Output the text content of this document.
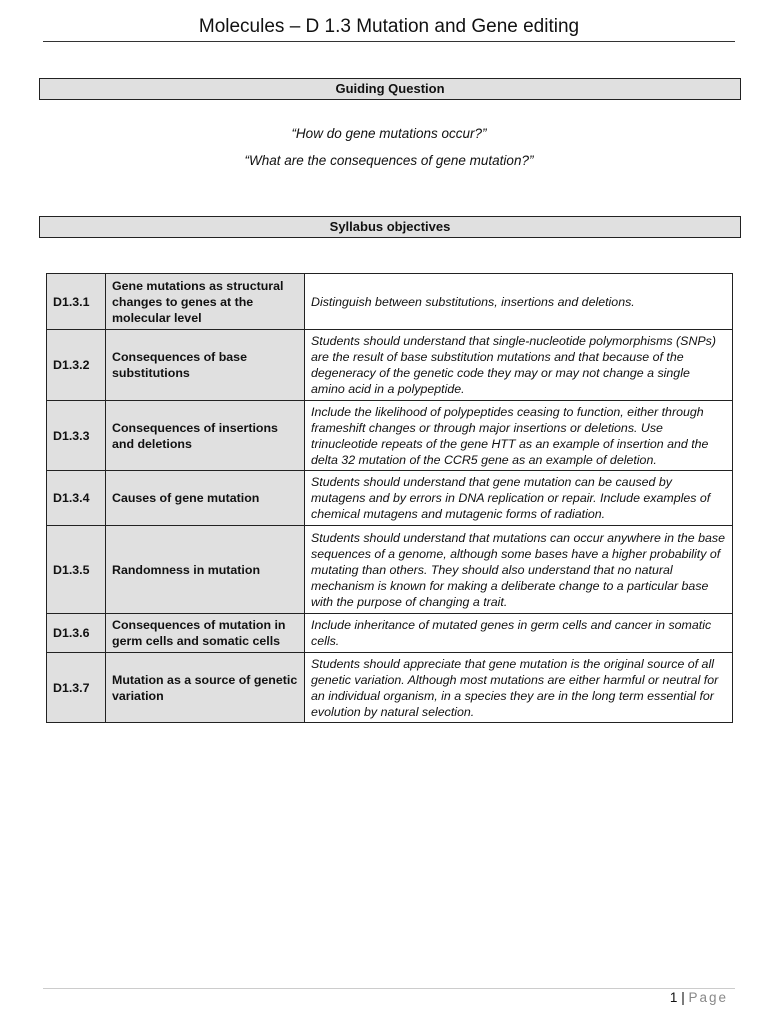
Molecules – D 1.3 Mutation and Gene editing
Guiding Question
“How do gene mutations occur?”
“What are the consequences of gene mutation?”
Syllabus objectives
D1.3.1	Gene mutations as structural changes to genes at the molecular level	Distinguish between substitutions, insertions and deletions.
D1.3.2	Consequences of base substitutions	Students should understand that single-nucleotide polymorphisms (SNPs) are the result of base substitution mutations and that because of the degeneracy of the genetic code they may or may not change a single amino acid in a polypeptide.
D1.3.3	Consequences of insertions and deletions	Include the likelihood of polypeptides ceasing to function, either through frameshift changes or through major insertions or deletions. Use trinucleotide repeats of the gene HTT as an example of insertion and the delta 32 mutation of the CCR5 gene as an example of deletion.
D1.3.4	Causes of gene mutation	Students should understand that gene mutation can be caused by mutagens and by errors in DNA replication or repair. Include examples of chemical mutagens and mutagenic forms of radiation.
D1.3.5	Randomness in mutation	Students should understand that mutations can occur anywhere in the base sequences of a genome, although some bases have a higher probability of mutating than others. They should also understand that no natural mechanism is known for making a deliberate change to a particular base with the purpose of changing a trait.
D1.3.6	Consequences of mutation in germ cells and somatic cells	Include inheritance of mutated genes in germ cells and cancer in somatic cells.
D1.3.7	Mutation as a source of genetic variation	Students should appreciate that gene mutation is the original source of all genetic variation. Although most mutations are either harmful or neutral for an individual organism, in a species they are in the long term essential for evolution by natural selection.
1 | Page
